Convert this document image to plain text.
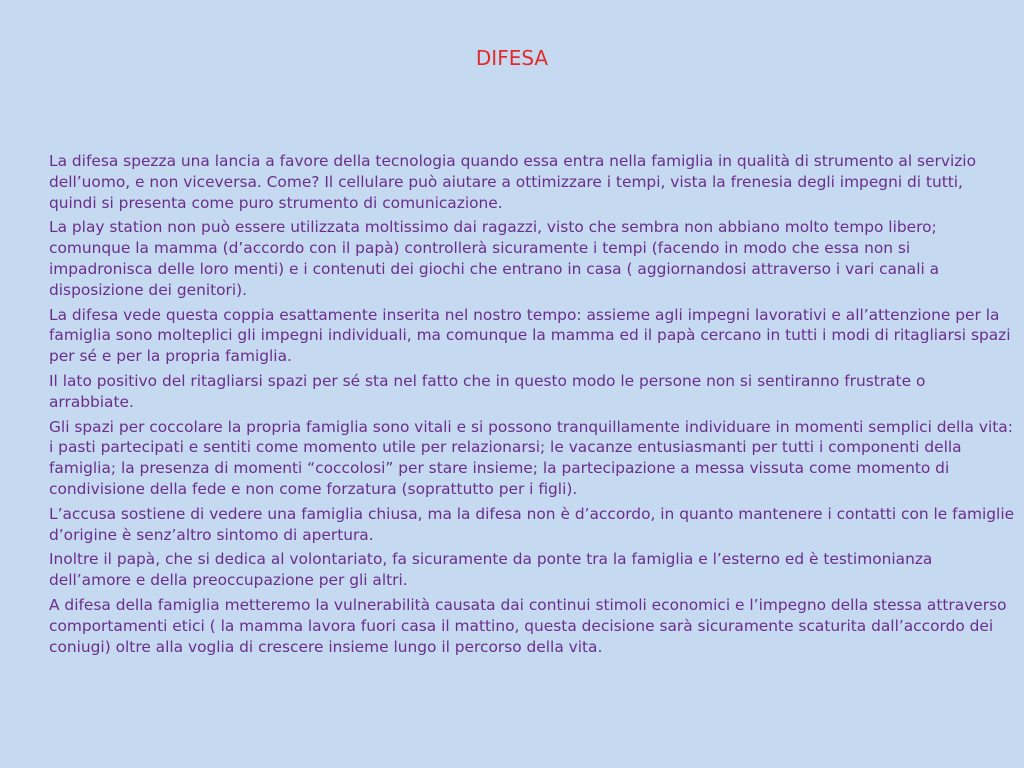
DIFESA

La difesa spezza una lancia a favore della tecnologia quando essa entra nella famiglia in qualità di strumento al servizio dell’uomo, e non viceversa. Come? Il cellulare può aiutare a ottimizzare i tempi, vista la frenesia degli impegni di tutti, quindi si presenta come puro strumento di comunicazione.

La play station non può essere utilizzata moltissimo dai ragazzi, visto che sembra non abbiano molto tempo libero; comunque la mamma (d’accordo con il papà) controllerà sicuramente i tempi (facendo in modo che essa non si impadronisca delle loro menti) e i contenuti dei giochi che entrano in casa ( aggiornandosi attraverso i vari canali a disposizione dei genitori).

La difesa vede questa coppia esattamente inserita nel nostro tempo: assieme agli impegni lavorativi e all’attenzione per la famiglia sono molteplici gli impegni individuali, ma comunque la mamma ed il papà cercano in tutti i modi di ritagliarsi spazi per sé e per la propria famiglia.

Il lato positivo del ritagliarsi spazi per sé sta nel fatto che in questo modo le persone non si sentiranno frustrate o arrabbiate.

Gli spazi per coccolare la propria famiglia sono vitali e si possono tranquillamente individuare in momenti semplici della vita: i pasti partecipati e sentiti come momento utile per relazionarsi; le vacanze entusiasmanti per tutti i componenti della famiglia; la presenza di momenti “coccolosi” per stare insieme; la partecipazione a messa vissuta come momento di condivisione della fede e non come forzatura (soprattutto per i figli).

L’accusa sostiene di vedere una famiglia chiusa, ma la difesa non è d’accordo, in quanto mantenere i contatti con le famiglie d’origine è senz’altro sintomo di apertura.

Inoltre il papà, che si dedica al volontariato, fa sicuramente da ponte tra la famiglia e l’esterno ed è testimonianza dell’amore e della preoccupazione per gli altri.

A difesa della famiglia metteremo la vulnerabilità causata dai continui stimoli economici e l’impegno della stessa attraverso comportamenti etici ( la mamma lavora fuori casa il mattino, questa decisione sarà sicuramente scaturita dall’accordo dei coniugi) oltre alla voglia di crescere insieme lungo il percorso della vita.
